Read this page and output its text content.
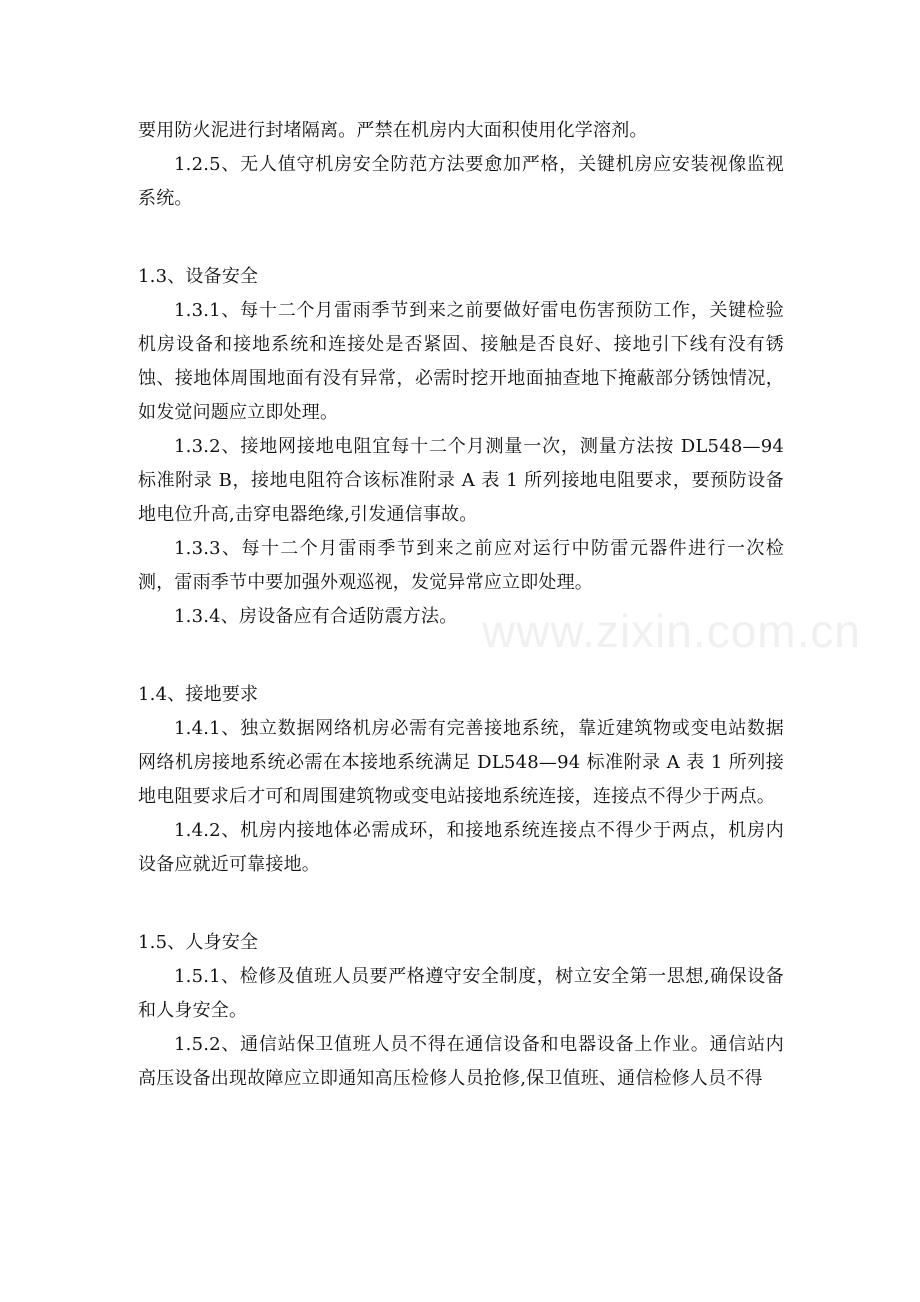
www.zixin.com.cn

要用防火泥进行封堵隔离。严禁在机房内大面积使用化学溶剂。

1.2.5、无人值守机房安全防范方法要愈加严格，关键机房应安装视像监视系统。

1.3、设备安全

1.3.1、每十二个月雷雨季节到来之前要做好雷电伤害预防工作，关键检验机房设备和接地系统和连接处是否紧固、接触是否良好、接地引下线有没有锈蚀、接地体周围地面有没有异常，必需时挖开地面抽查地下掩蔽部分锈蚀情况，如发觉问题应立即处理。

1.3.2、接地网接地电阻宜每十二个月测量一次，测量方法按 DL548—94 标准附录 B，接地电阻符合该标准附录 A 表 1 所列接地电阻要求，要预防设备地电位升高,击穿电器绝缘,引发通信事故。

1.3.3、每十二个月雷雨季节到来之前应对运行中防雷元器件进行一次检测，雷雨季节中要加强外观巡视，发觉异常应立即处理。

1.3.4、房设备应有合适防震方法。

1.4、接地要求

1.4.1、独立数据网络机房必需有完善接地系统，靠近建筑物或变电站数据网络机房接地系统必需在本接地系统满足 DL548—94 标准附录 A 表 1 所列接地电阻要求后才可和周围建筑物或变电站接地系统连接，连接点不得少于两点。

1.4.2、机房内接地体必需成环，和接地系统连接点不得少于两点，机房内设备应就近可靠接地。

1.5、人身安全

1.5.1、检修及值班人员要严格遵守安全制度，树立安全第一思想,确保设备和人身安全。

1.5.2、通信站保卫值班人员不得在通信设备和电器设备上作业。通信站内高压设备出现故障应立即通知高压检修人员抢修,保卫值班、通信检修人员不得
